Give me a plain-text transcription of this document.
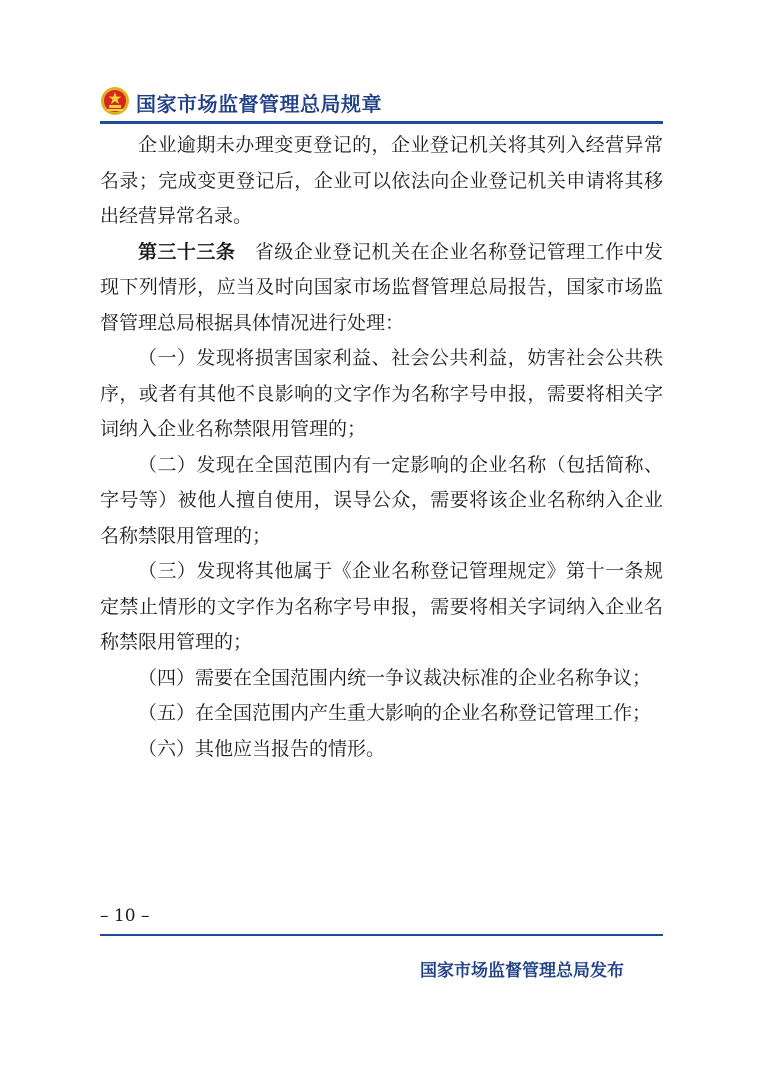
国家市场监督管理总局规章

企业逾期未办理变更登记的，企业登记机关将其列入经营异常名录；完成变更登记后，企业可以依法向企业登记机关申请将其移出经营异常名录。

第三十三条  省级企业登记机关在企业名称登记管理工作中发现下列情形，应当及时向国家市场监督管理总局报告，国家市场监督管理总局根据具体情况进行处理：

（一）发现将损害国家利益、社会公共利益，妨害社会公共秩序，或者有其他不良影响的文字作为名称字号申报，需要将相关字词纳入企业名称禁限用管理的；

（二）发现在全国范围内有一定影响的企业名称（包括简称、字号等）被他人擅自使用，误导公众，需要将该企业名称纳入企业名称禁限用管理的；

（三）发现将其他属于《企业名称登记管理规定》第十一条规定禁止情形的文字作为名称字号申报，需要将相关字词纳入企业名称禁限用管理的；

（四）需要在全国范围内统一争议裁决标准的企业名称争议；

（五）在全国范围内产生重大影响的企业名称登记管理工作；

（六）其他应当报告的情形。

– 10 –
国家市场监督管理总局发布
